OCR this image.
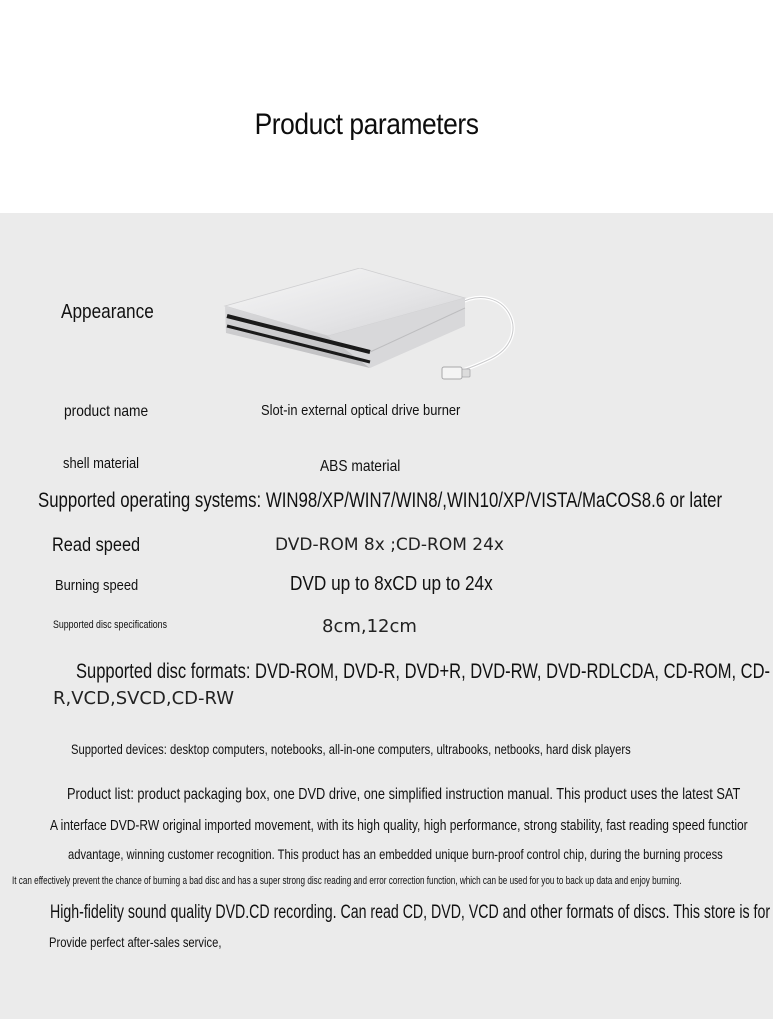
Product parameters
Appearance
product name	Slot-in external optical drive burner
shell material	ABS material
Supported operating systems: WIN98/XP/WIN7/WIN8/,WIN10/XP/VISTA/MaCOS8.6 or later
Read speed	DVD-ROM 8x ;CD-ROM 24x
Burning speed	DVD up to 8xCD up to 24x
Supported disc specifications	8cm,12cm
Supported disc formats: DVD-ROM, DVD-R, DVD+R, DVD-RW, DVD-RDLCDA, CD-ROM, CD-
R,VCD,SVCD,CD-RW
Supported devices: desktop computers, notebooks, all-in-one computers, ultrabooks, netbooks, hard disk players
Product list: product packaging box, one DVD drive, one simplified instruction manual. This product uses the latest SAT
A interface DVD-RW original imported movement, with its high quality, high performance, strong stability, fast reading speed functior
advantage, winning customer recognition. This product has an embedded unique burn-proof control chip, during the burning process
It can effectively prevent the chance of burning a bad disc and has a super strong disc reading and error correction function, which can be used for you to back up data and enjoy burning.
High-fidelity sound quality DVD.CD recording. Can read CD, DVD, VCD and other formats of discs. This store is for
Provide perfect after-sales service,
